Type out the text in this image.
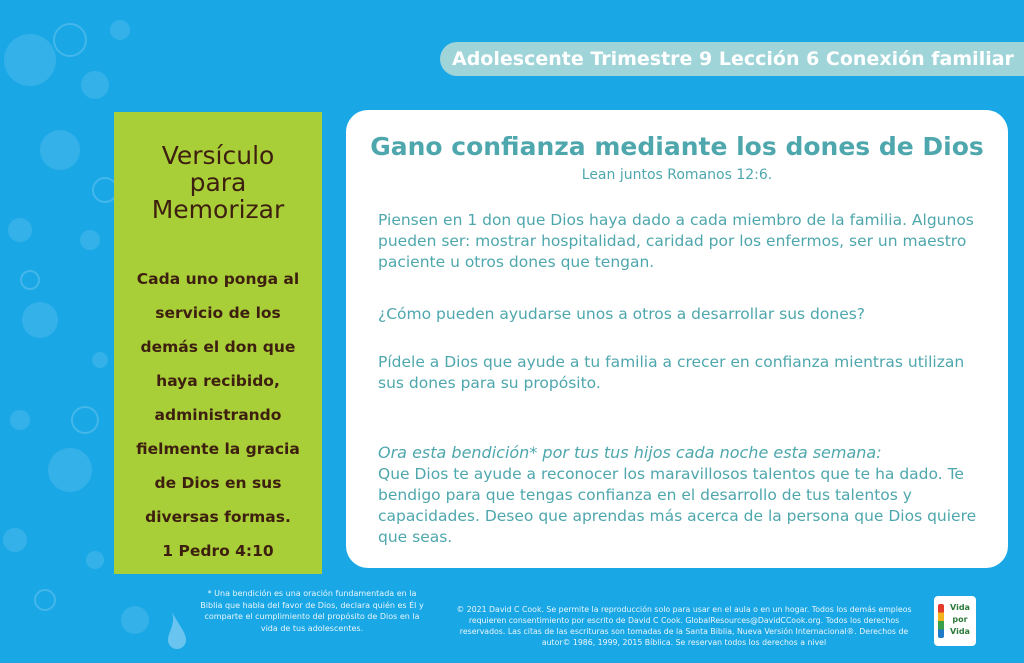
Adolescente Trimestre 9 Lección 6 Conexión familiar
Versículo
para
Memorizar
Cada uno ponga al servicio de los demás el don que haya recibido, administrando fielmente la gracia de Dios en sus diversas formas.
1 Pedro 4:10
Gano confianza mediante los dones de Dios
Lean juntos Romanos 12:6.
Piensen en 1 don que Dios haya dado a cada miembro de la familia. Algunos pueden ser: mostrar hospitalidad, caridad por los enfermos, ser un maestro paciente u otros dones que tengan.
¿Cómo pueden ayudarse unos a otros a desarrollar sus dones?
Pídele a Dios que ayude a tu familia a crecer en confianza mientras utilizan sus dones para su propósito.
Ora esta bendición* por tus tus hijos cada noche esta semana:
Que Dios te ayude a reconocer los maravillosos talentos que te ha dado. Te bendigo para que tengas confianza en el desarrollo de tus talentos y capacidades. Deseo que aprendas más acerca de la persona que Dios quiere que seas.
* Una bendición es una oración fundamentada en la Biblia que habla del favor de Dios, declara quién es Él y comparte el cumplimiento del propósito de Dios en la vida de tus adolescentes.
© 2021 David C Cook. Se permite la reproducción solo para usar en el aula o en un hogar. Todos los demás empleos requieren consentimiento por escrito de David C Cook. GlobalResources@DavidCCook.org. Todos los derechos reservados. Las citas de las escrituras son tomadas de la Santa Biblia, Nueva Versión Internacional®. Derechos de autor© 1986, 1999, 2015 Bíblica. Se reservan todos los derechos a nivel
Vida
por
Vida
